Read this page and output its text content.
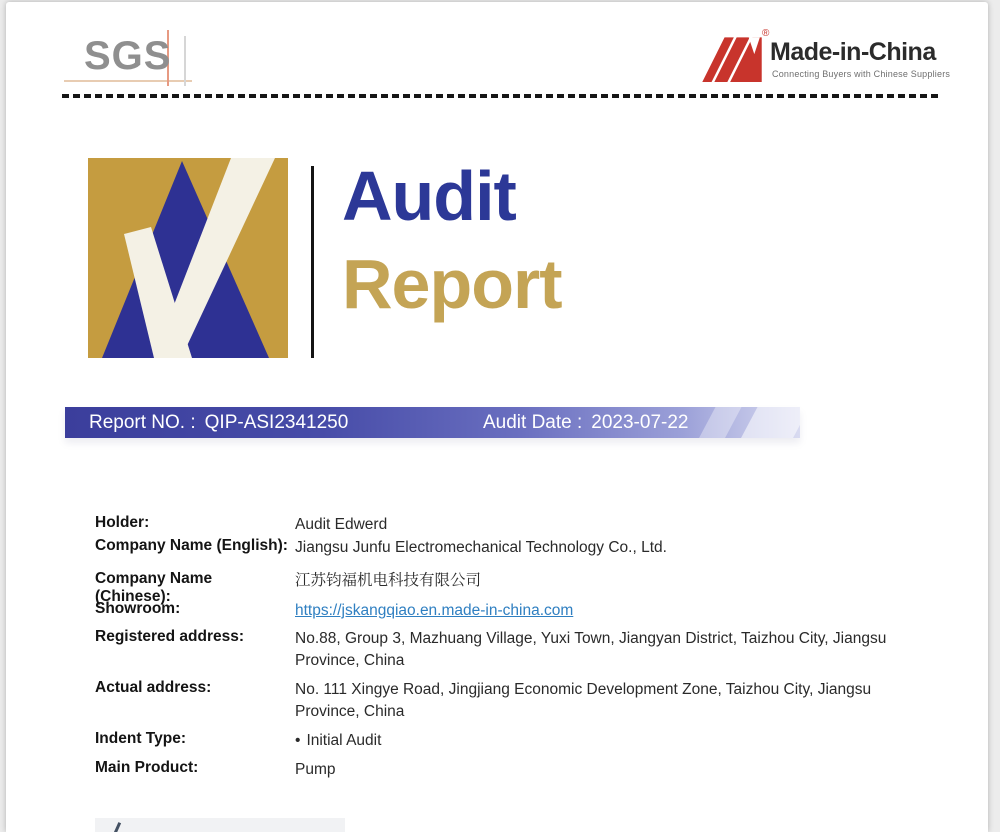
SGS
®
Made-in-China
Connecting Buyers with Chinese Suppliers
Audit
Report
Report NO. : QIP-ASI2341250	Audit Date : 2023-07-22
Holder:	Audit Edwerd
Company Name (English): Jiangsu Junfu Electromechanical Technology Co., Ltd.
Company Name (Chinese):
江苏钧福机电科技有限公司
Showroom:	https://jskangqiao.en.made-in-china.com
Registered address:	No.88, Group 3, Mazhuang Village, Yuxi Town, Jiangyan District, Taizhou City, Jiangsu Province, China
Actual address:	No. 111 Xingye Road, Jingjiang Economic Development Zone, Taizhou City, Jiangsu Province, China
Indent Type:	• Initial Audit
Main Product:	Pump
